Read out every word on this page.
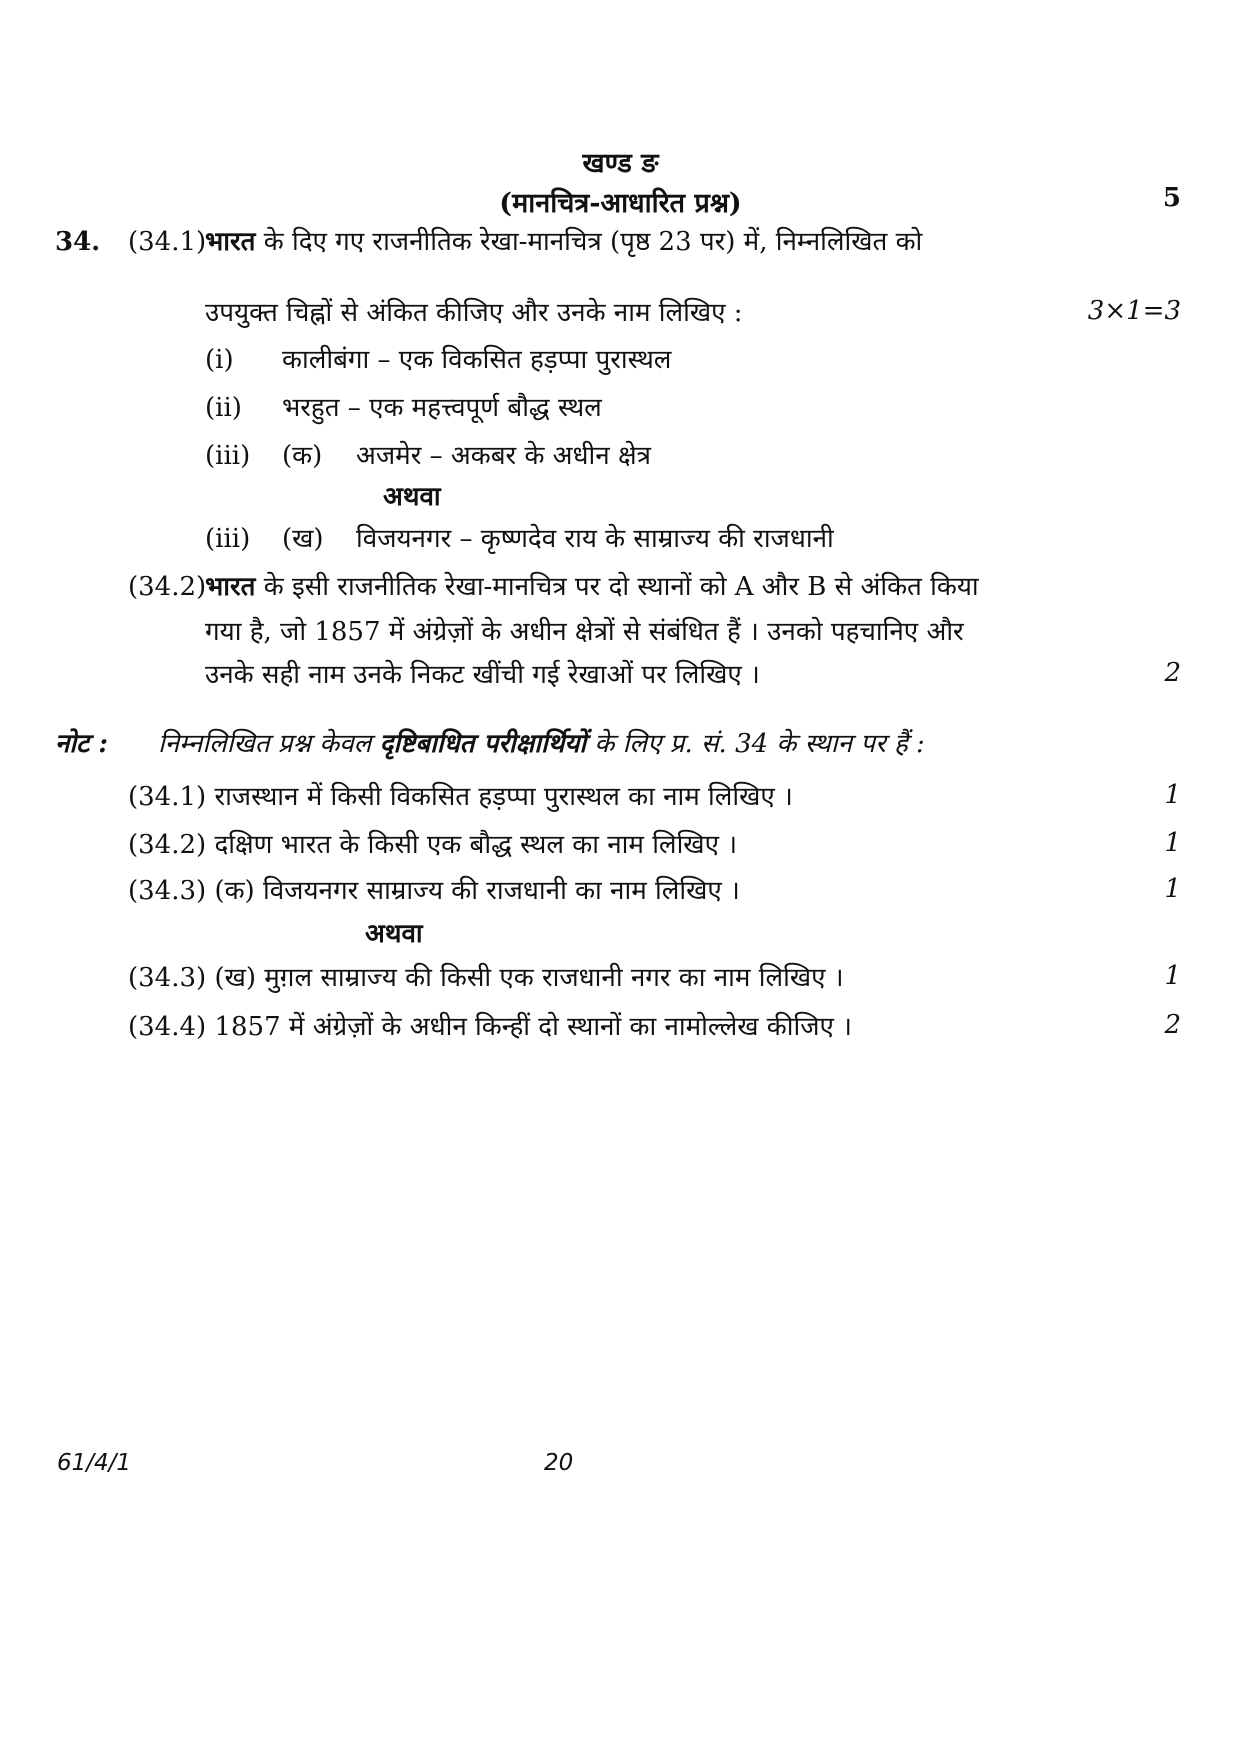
खण्ड ङ
(मानचित्र-आधारित प्रश्न)	5
34. (34.1)
भारत के दिए गए राजनीतिक रेखा-मानचित्र (पृष्ठ 23 पर) में, निम्नलिखित को
उपयुक्त चिह्नों से अंकित कीजिए और उनके नाम लिखिए :	3×1=3
(i) कालीबंगा – एक विकसित हड़प्पा पुरास्थल
(ii) भरहुत – एक महत्त्वपूर्ण बौद्ध स्थल
(iii) (क) अजमेर – अकबर के अधीन क्षेत्र
अथवा
(iii) (ख) विजयनगर – कृष्णदेव राय के साम्राज्य की राजधानी
(34.2)
भारत के इसी राजनीतिक रेखा-मानचित्र पर दो स्थानों को A और B से अंकित किया
गया है, जो 1857 में अंग्रेज़ों के अधीन क्षेत्रों से संबंधित हैं । उनको पहचानिए और
उनके सही नाम उनके निकट खींची गई रेखाओं पर लिखिए ।	2
नोट : निम्नलिखित प्रश्न केवल दृष्टिबाधित परीक्षार्थियों के लिए प्र. सं. 34 के स्थान पर हैं :
(34.1) राजस्थान में किसी विकसित हड़प्पा पुरास्थल का नाम लिखिए ।	1
(34.2) दक्षिण भारत के किसी एक बौद्ध स्थल का नाम लिखिए ।	1
(34.3) (क) विजयनगर साम्राज्य की राजधानी का नाम लिखिए ।	1
अथवा
(34.3) (ख) मुग़ल साम्राज्य की किसी एक राजधानी नगर का नाम लिखिए ।	1
(34.4) 1857 में अंग्रेज़ों के अधीन किन्हीं दो स्थानों का नामोल्लेख कीजिए ।	2
61/4/1	20
